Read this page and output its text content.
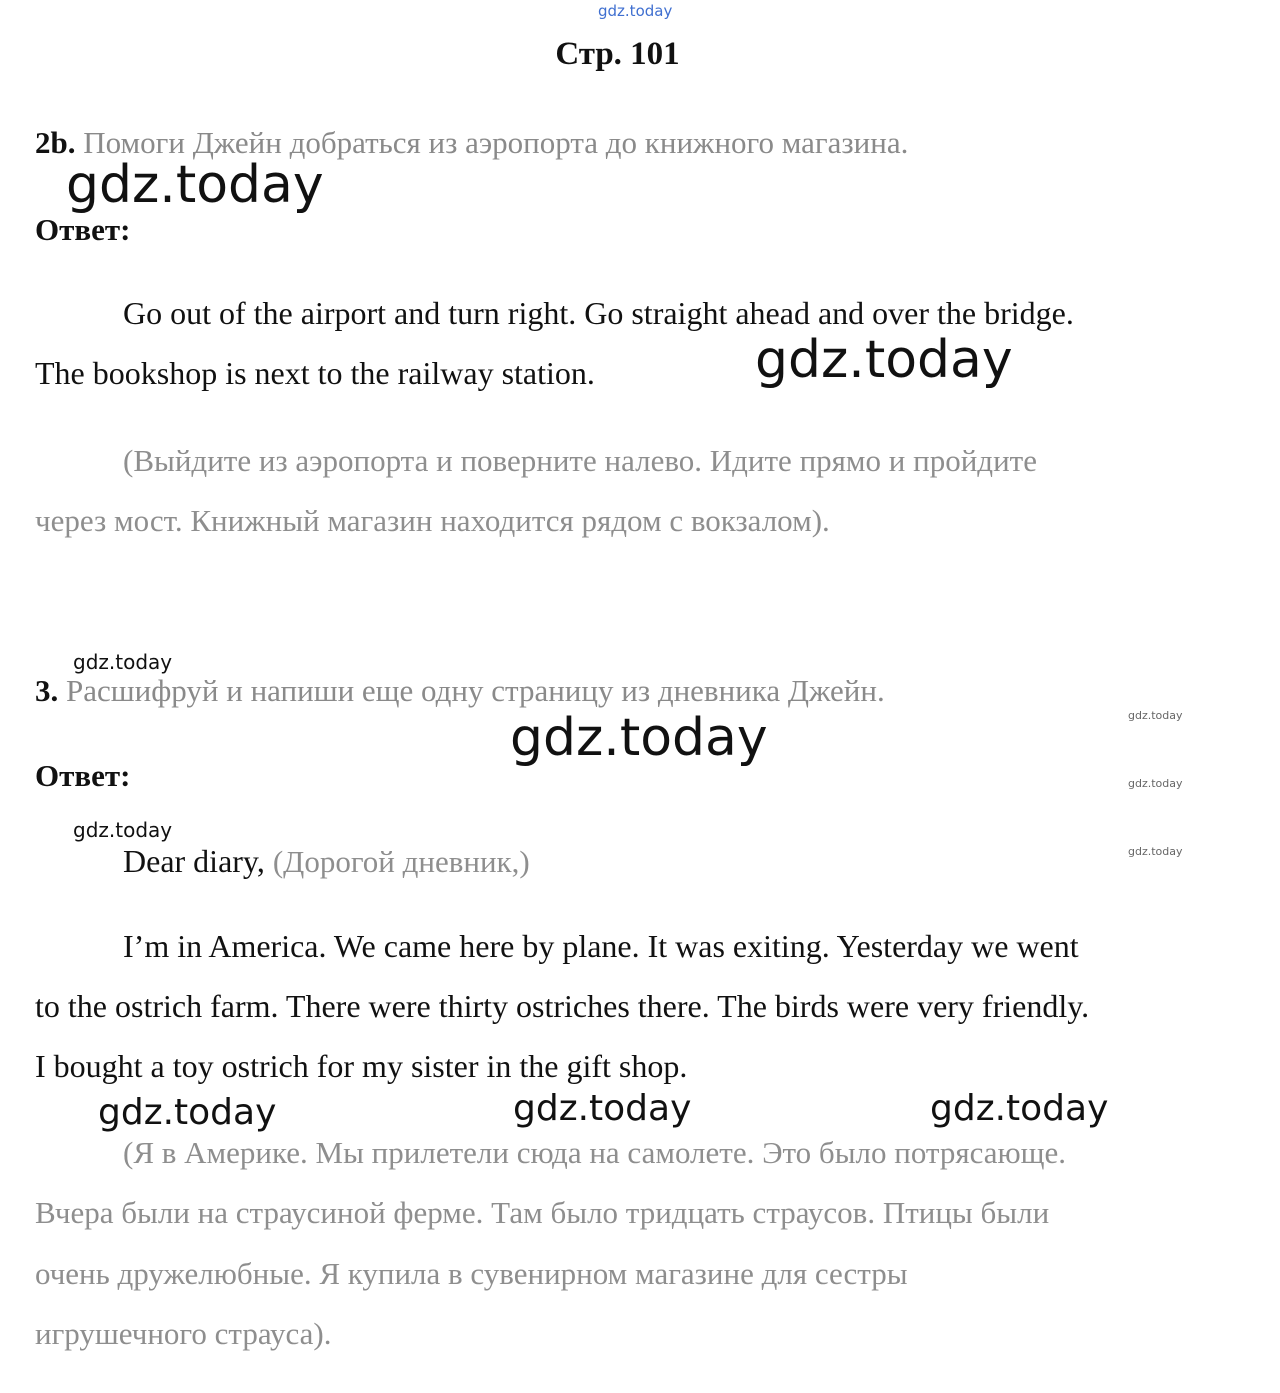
gdz.today
gdz.today
gdz.today
gdz.today
gdz.today
gdz.today
gdz.today
gdz.today
gdz.today
gdz.today	gdz.today	gdz.today
Стр. 101
2b. Помоги Джейн добраться из аэропорта до книжного магазина.
Ответ:
Go out of the airport and turn right. Go straight ahead and over the bridge.
The bookshop is next to the railway station.
(Выйдите из аэропорта и поверните налево. Идите прямо и пройдите
через мост. Книжный магазин находится рядом с вокзалом).
3. Расшифруй и напиши еще одну страницу из дневника Джейн.
Ответ:
Dear diary, (Дорогой дневник,)
I’m in America. We came here by plane. It was exiting. Yesterday we went
to the ostrich farm. There were thirty ostriches there. The birds were very friendly.
I bought a toy ostrich for my sister in the gift shop.
(Я в Америке. Мы прилетели сюда на самолете. Это было потрясающе.
Вчера были на страусиной ферме. Там было тридцать страусов. Птицы были
очень дружелюбные. Я купила в сувенирном магазине для сестры
игрушечного страуса).
